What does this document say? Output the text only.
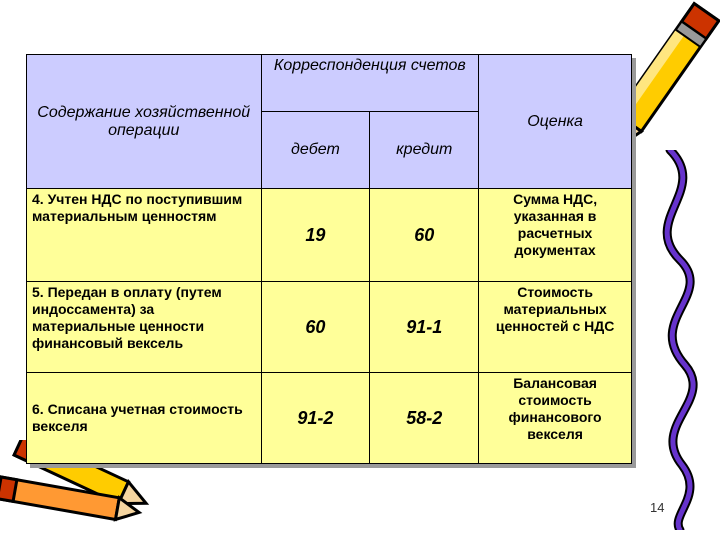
Содержание хозяйственной операции	Корреспонденция счетов		Оценка
	дебет	кредит	
4. Учтен НДС по поступившим материальным ценностям	19	60	Сумма НДС, указанная в расчетных документах
5. Передан в оплату (путем индоссамента) за материальные ценности финансовый вексель	60	91-1	Стоимость материальных ценностей с НДС
6. Списана учетная стоимость векселя	91-2	58-2	Балансовая стоимость финансового векселя
14
